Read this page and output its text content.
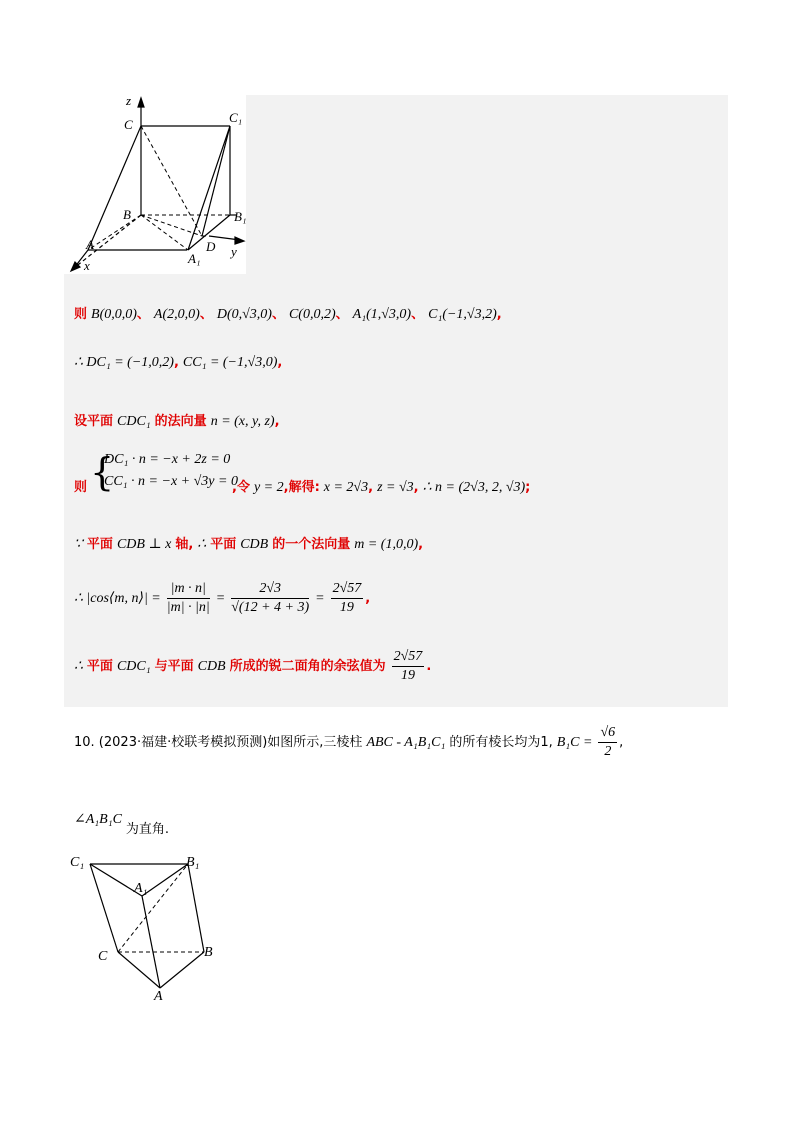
z
C	C₁
B	B₁
A
A₁
D
x
y
则 B(0,0,0)、 A(2,0,0)、 D(0,√3,0)、 C(0,0,2)、 A₁(1,√3,0)、 C₁(−1,√3,2),
∴ DC₁ = (−1,0,2), CC₁ = (−1,√3,0),
设平面 CDC₁ 的法向量 n = (x, y, z),
则 {
DC₁ · n = −x + 2z = 0
CC₁ · n = −x + √3y = 0
,令 y = 2,解得: x = 2√3, z = √3, ∴ n = (2√3, 2, √3);
∵ 平面 CDB ⊥ x 轴, ∴ 平面 CDB 的一个法向量 m = (1,0,0),
∴ |cos⟨m, n⟩| = $\frac{|m \cdot n|}{|m| \cdot |n|} = \frac{2√3}{√(12 + 4 + 3)} = \frac{2√57}{19}$ ,
∴ 平面 CDC₁ 与平面 CDB 所成的锐二面角的余弦值为 $\frac{2√57}{19}$ .
10. (2023·福建·校联考模拟预测)如图所示,三棱柱 ABC - A₁B₁C₁ 的所有棱长均为1, $B_1C = \frac{√6}{2}$ ,
∠A₁B₁C $_{为直角.}$
C₁	B₁
A₁
C	B
A
